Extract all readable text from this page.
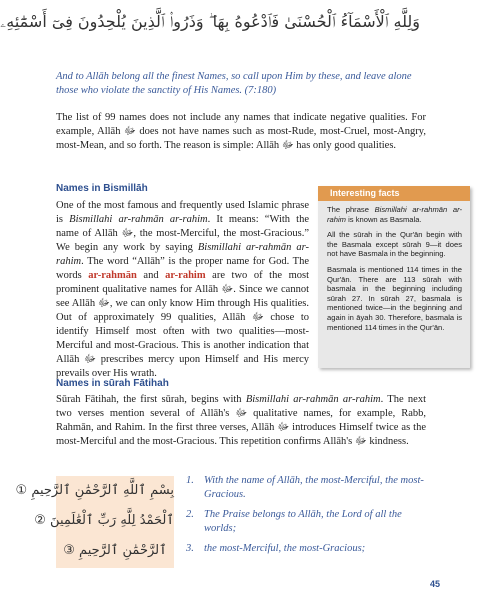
وَلِلَّهِ ٱلْأَسْمَآءُ ٱلْحُسْنَىٰ فَٱدْعُوهُ بِهَا ۖ وَذَرُوا۟ ٱلَّذِينَ يُلْحِدُونَ فِىٓ أَسْمَٰٓئِهِۦ
And to Allāh belong all the finest Names, so call upon Him by these, and leave alone those who violate the sanctity of His Names. (7:180)

The list of 99 names does not include any names that indicate negative qualities. For example, Allāh ﷻ does not have names such as most-Rude, most-Cruel, most-Angry, most-Mean, and so forth. The reason is simple: Allāh ﷻ has only good qualities.

Names in Bismillāh

One of the most famous and frequently used Islamic phrase is Bismillahi ar-rahmān ar-rahim. It means: “With the name of Allāh ﷻ, the most-Merciful, the most-Gracious.” We begin any work by saying Bismillahi ar-rahmān ar-rahim. The word “Allāh” is the proper name for God. The words ar-rahmān and ar-rahim are two of the most prominent qualitative names for Allāh ﷻ. Since we cannot see Allāh ﷻ, we can only know Him through His qualities. Out of approximately 99 qualities, Allāh ﷻ chose to identify Himself most often with two qualities—most-Merciful and most-Gracious. This is another indication that Allāh ﷻ prescribes mercy upon Himself and His mercy prevails over His wrath.

Interesting facts

The phrase Bismillahi ar-rahmān ar-rahim is known as Basmala.

All the sūrah in the Qur'ān begin with the Basmala except sūrah 9—it does not have Basmala in the beginning.

Basmala is mentioned 114 times in the Qur'ān. There are 113 sūrah with basmala in the beginning including sūrah 27. In sūrah 27, basmala is mentioned twice—in the beginning and again in āyah 30. Therefore, basmala is mentioned 114 times in the Qur'ān.

Names in sūrah Fātihah

Sūrah Fātihah, the first sūrah, begins with Bismillahi ar-rahmān ar-rahim. The next two verses mention several of Allāh's ﷻ qualitative names, for example, Rabb, Rahmān, and Rahim. In the first three verses, Allāh ﷻ introduces Himself twice as the most-Merciful and the most-Gracious. This repetition confirms Allāh's ﷻ kindness.

بِسْمِ ٱللَّهِ ٱلرَّحْمَٰنِ ٱلرَّحِيمِ ①
ٱلْحَمْدُ لِلَّهِ رَبِّ ٱلْعَٰلَمِينَ ②
ٱلرَّحْمَٰنِ ٱلرَّحِيمِ ③
1. With the name of Allāh, the most-Merciful, the most-Gracious.
2. The Praise belongs to Allāh, the Lord of all the worlds;
3. the most-Merciful, the most-Gracious;
45
